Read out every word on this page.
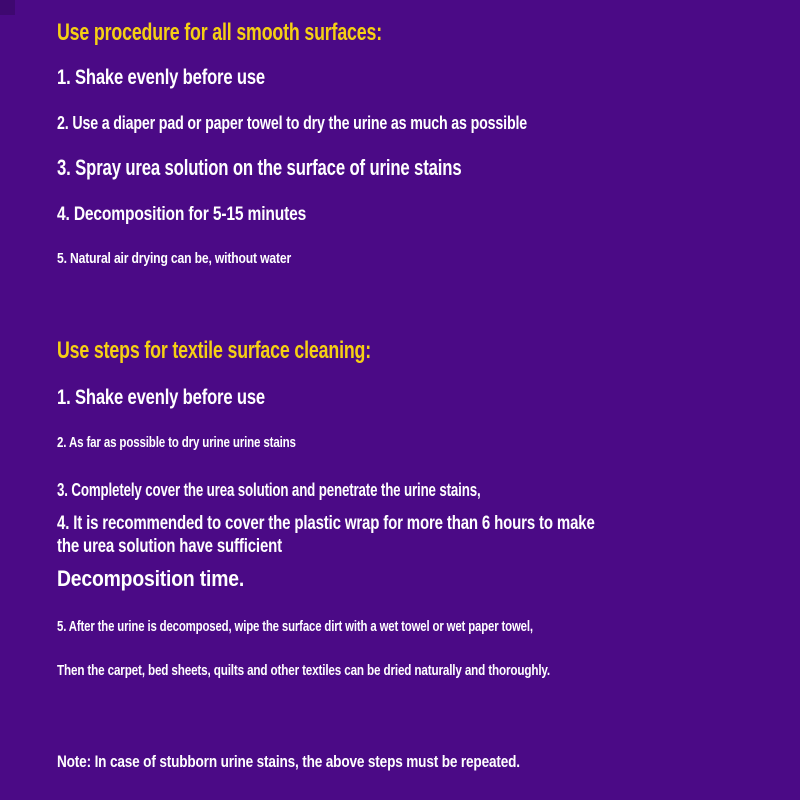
Use procedure for all smooth surfaces:
1. Shake evenly before use
2. Use a diaper pad or paper towel to dry the urine as much as possible
3. Spray urea solution on the surface of urine stains
4. Decomposition for 5-15 minutes
5. Natural air drying can be, without water
Use steps for textile surface cleaning:
1. Shake evenly before use
2. As far as possible to dry urine urine stains
3. Completely cover the urea solution and penetrate the urine stains,
4. It is recommended to cover the plastic wrap for more than 6 hours to make
the urea solution have sufficient
Decomposition time.
5. After the urine is decomposed, wipe the surface dirt with a wet towel or wet paper towel,
Then the carpet, bed sheets, quilts and other textiles can be dried naturally and thoroughly.
Note: In case of stubborn urine stains, the above steps must be repeated.
